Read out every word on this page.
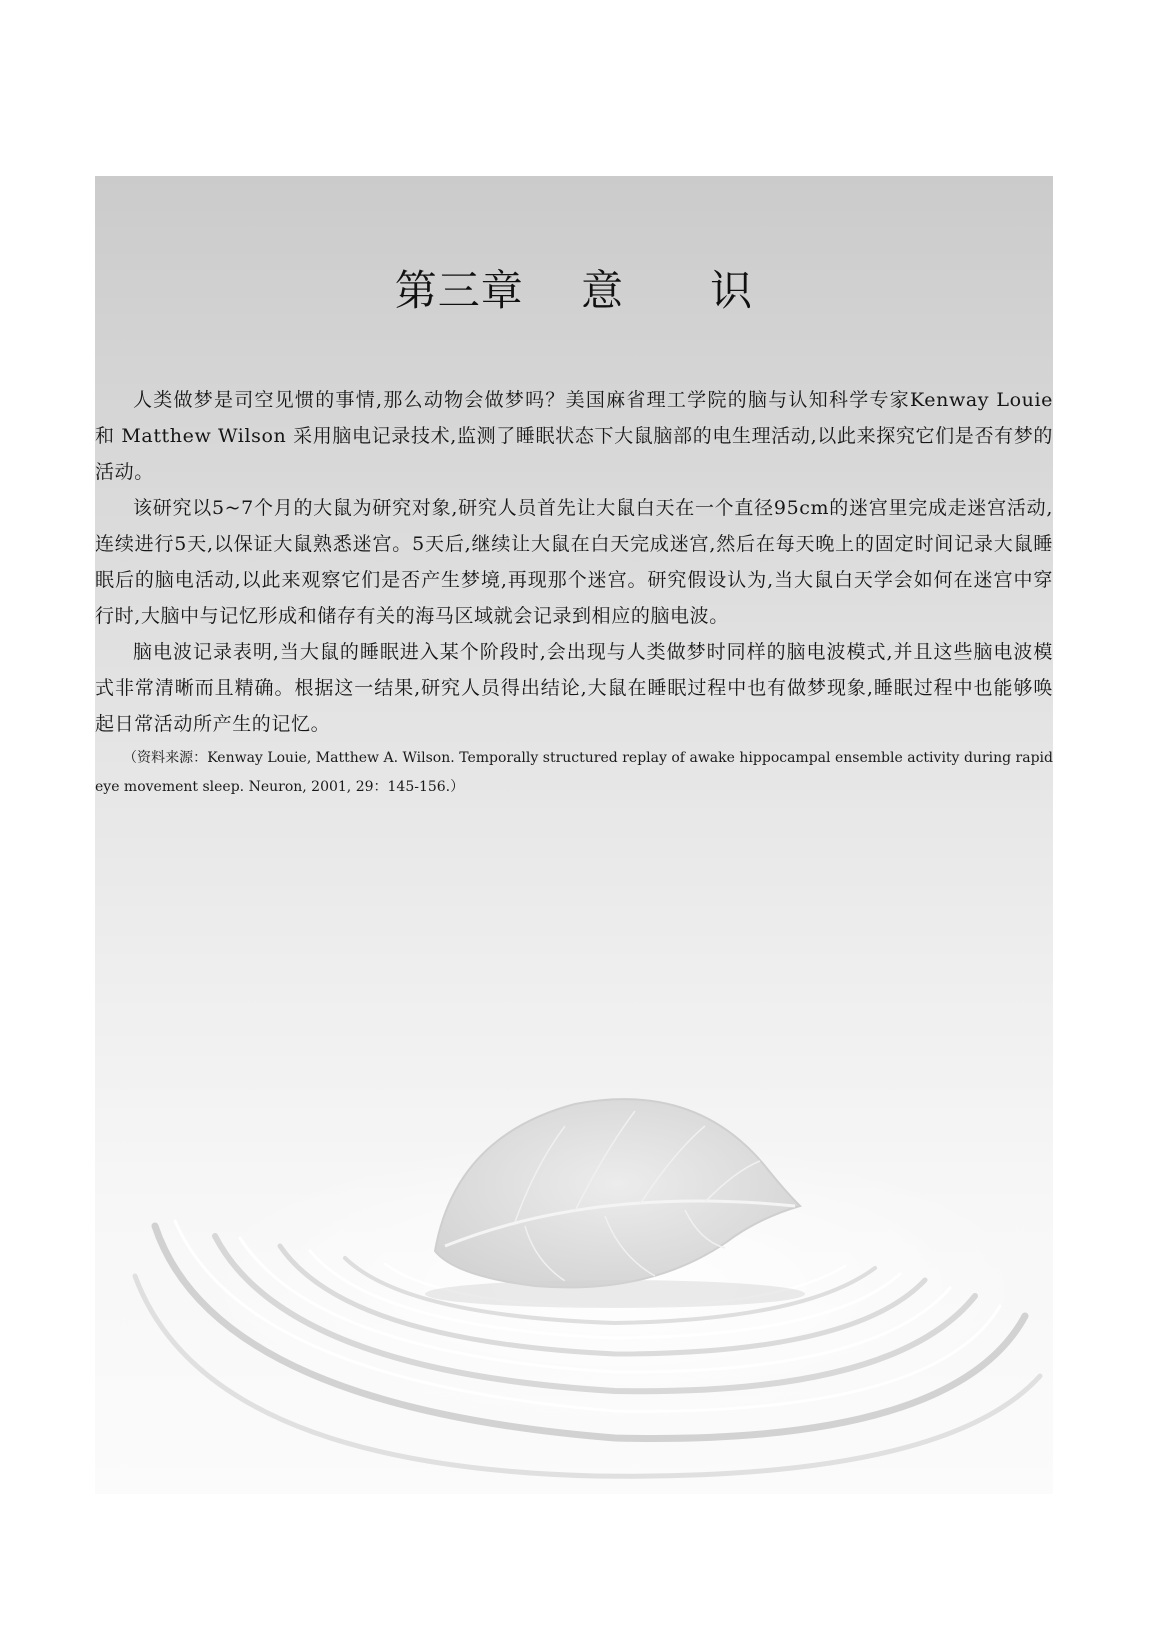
第三章    意      识

人类做梦是司空见惯的事情,那么动物会做梦吗？美国麻省理工学院的脑与认知科学专家Kenway Louie 和 Matthew Wilson 采用脑电记录技术,监测了睡眠状态下大鼠脑部的电生理活动,以此来探究它们是否有梦的活动。

该研究以5~7个月的大鼠为研究对象,研究人员首先让大鼠白天在一个直径95cm的迷宫里完成走迷宫活动,连续进行5天,以保证大鼠熟悉迷宫。5天后,继续让大鼠在白天完成迷宫,然后在每天晚上的固定时间记录大鼠睡眠后的脑电活动,以此来观察它们是否产生梦境,再现那个迷宫。研究假设认为,当大鼠白天学会如何在迷宫中穿行时,大脑中与记忆形成和储存有关的海马区域就会记录到相应的脑电波。

脑电波记录表明,当大鼠的睡眠进入某个阶段时,会出现与人类做梦时同样的脑电波模式,并且这些脑电波模式非常清晰而且精确。根据这一结果,研究人员得出结论,大鼠在睡眠过程中也有做梦现象,睡眠过程中也能够唤起日常活动所产生的记忆。

（资料来源：Kenway Louie, Matthew A. Wilson. Temporally structured replay of awake hippocampal ensemble activity during rapid eye movement sleep. Neuron, 2001, 29：145-156.）
